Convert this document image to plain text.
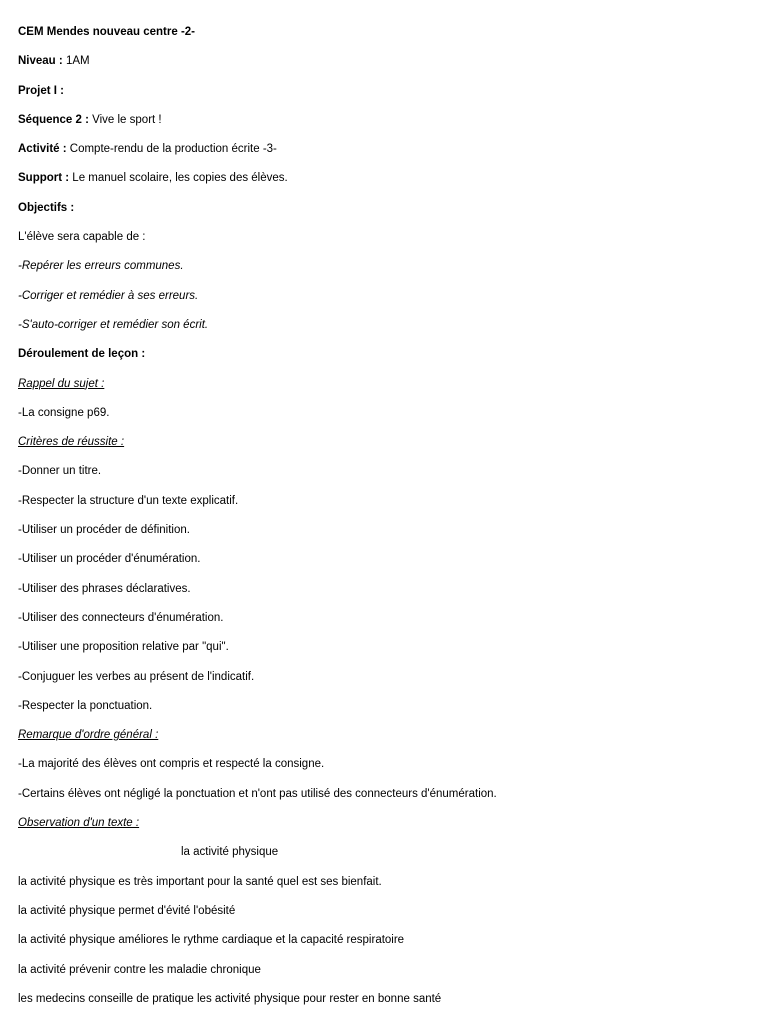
CEM Mendes nouveau centre -2-
Niveau : 1AM
Projet I :
Séquence 2 : Vive le sport !
Activité : Compte-rendu de la production écrite -3-
Support : Le manuel scolaire, les copies des élèves.
Objectifs :
L'élève sera capable de :
-Repérer les erreurs communes.
-Corriger et remédier à ses erreurs.
-S'auto-corriger et remédier son écrit.
Déroulement de leçon :
Rappel du sujet :
-La consigne p69.
Critères de réussite :
-Donner un titre.
-Respecter la structure d'un texte explicatif.
-Utiliser un procéder de définition.
-Utiliser un procéder d'énumération.
-Utiliser des phrases déclaratives.
-Utiliser des connecteurs d'énumération.
-Utiliser une proposition relative par "qui".
-Conjuguer les verbes au présent de l'indicatif.
-Respecter la ponctuation.
Remarque d'ordre général :
-La majorité des élèves ont compris et respecté la consigne.
-Certains élèves ont négligé la ponctuation et n'ont pas utilisé des connecteurs d'énumération.
Observation d'un texte :
la activité physique
la activité physique es très important pour la santé quel est ses bienfait.
la activité physique permet d'évité l'obésité
la activité physique améliores le rythme cardiaque et la capacité respiratoire
la activité prévenir contre les maladie chronique
les medecins conseille de pratique les activité physique pour rester en bonne santé
